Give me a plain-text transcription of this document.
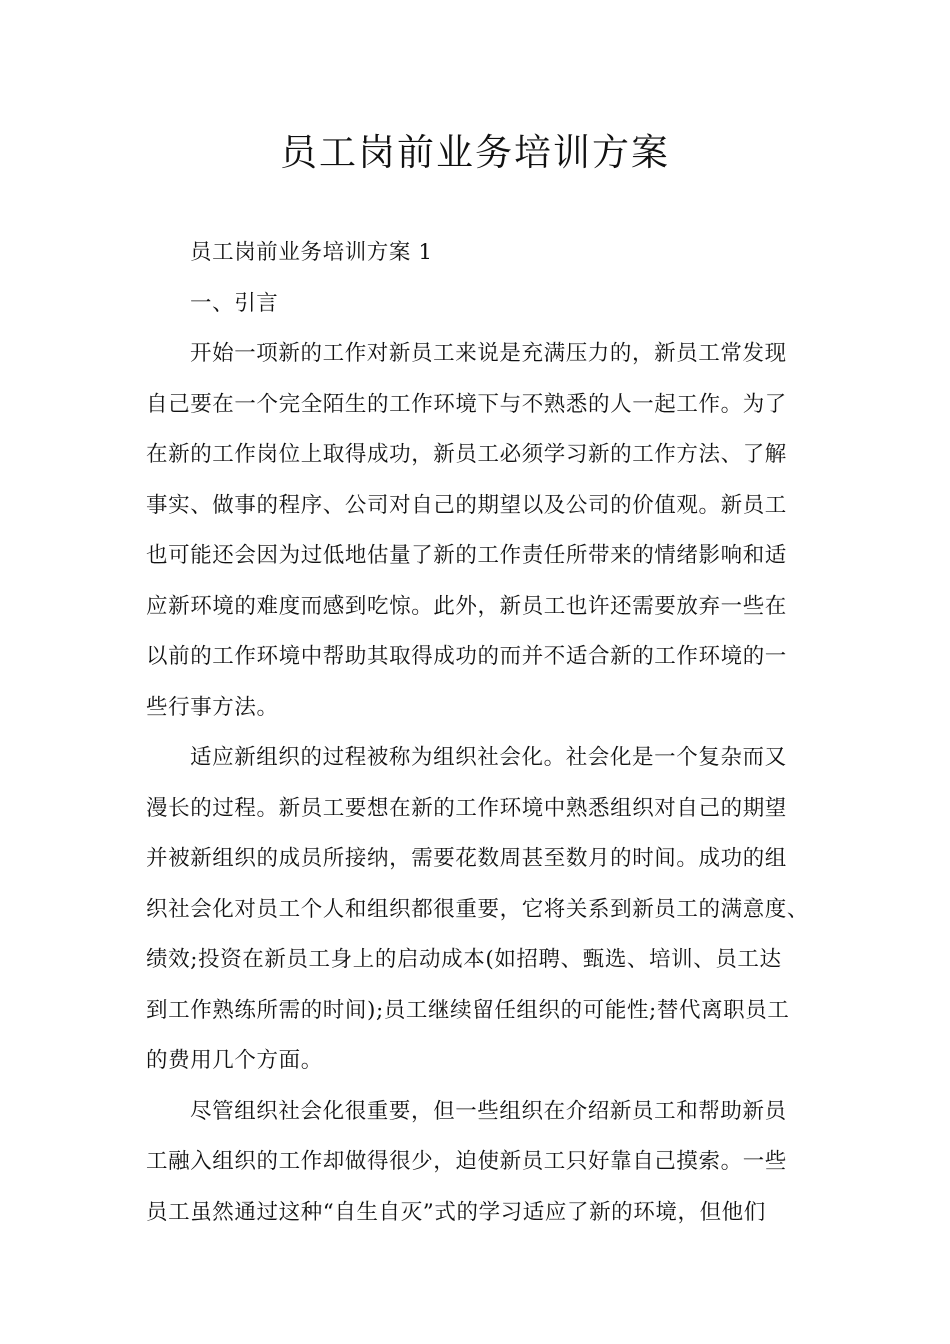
员工岗前业务培训方案
员工岗前业务培训方案 1
一、引言
开始一项新的工作对新员工来说是充满压力的，新员工常发现
自己要在一个完全陌生的工作环境下与不熟悉的人一起工作。为了
在新的工作岗位上取得成功，新员工必须学习新的工作方法、了解
事实、做事的程序、公司对自己的期望以及公司的价值观。新员工
也可能还会因为过低地估量了新的工作责任所带来的情绪影响和适
应新环境的难度而感到吃惊。此外，新员工也许还需要放弃一些在
以前的工作环境中帮助其取得成功的而并不适合新的工作环境的一
些行事方法。
适应新组织的过程被称为组织社会化。社会化是一个复杂而又
漫长的过程。新员工要想在新的工作环境中熟悉组织对自己的期望
并被新组织的成员所接纳，需要花数周甚至数月的时间。成功的组
织社会化对员工个人和组织都很重要，它将关系到新员工的满意度、
绩效;投资在新员工身上的启动成本(如招聘、甄选、培训、员工达
到工作熟练所需的时间);员工继续留任组织的可能性;替代离职员工
的费用几个方面。
尽管组织社会化很重要，但一些组织在介绍新员工和帮助新员
工融入组织的工作却做得很少，迫使新员工只好靠自己摸索。一些
员工虽然通过这种“自生自灭”式的学习适应了新的环境，但他们
